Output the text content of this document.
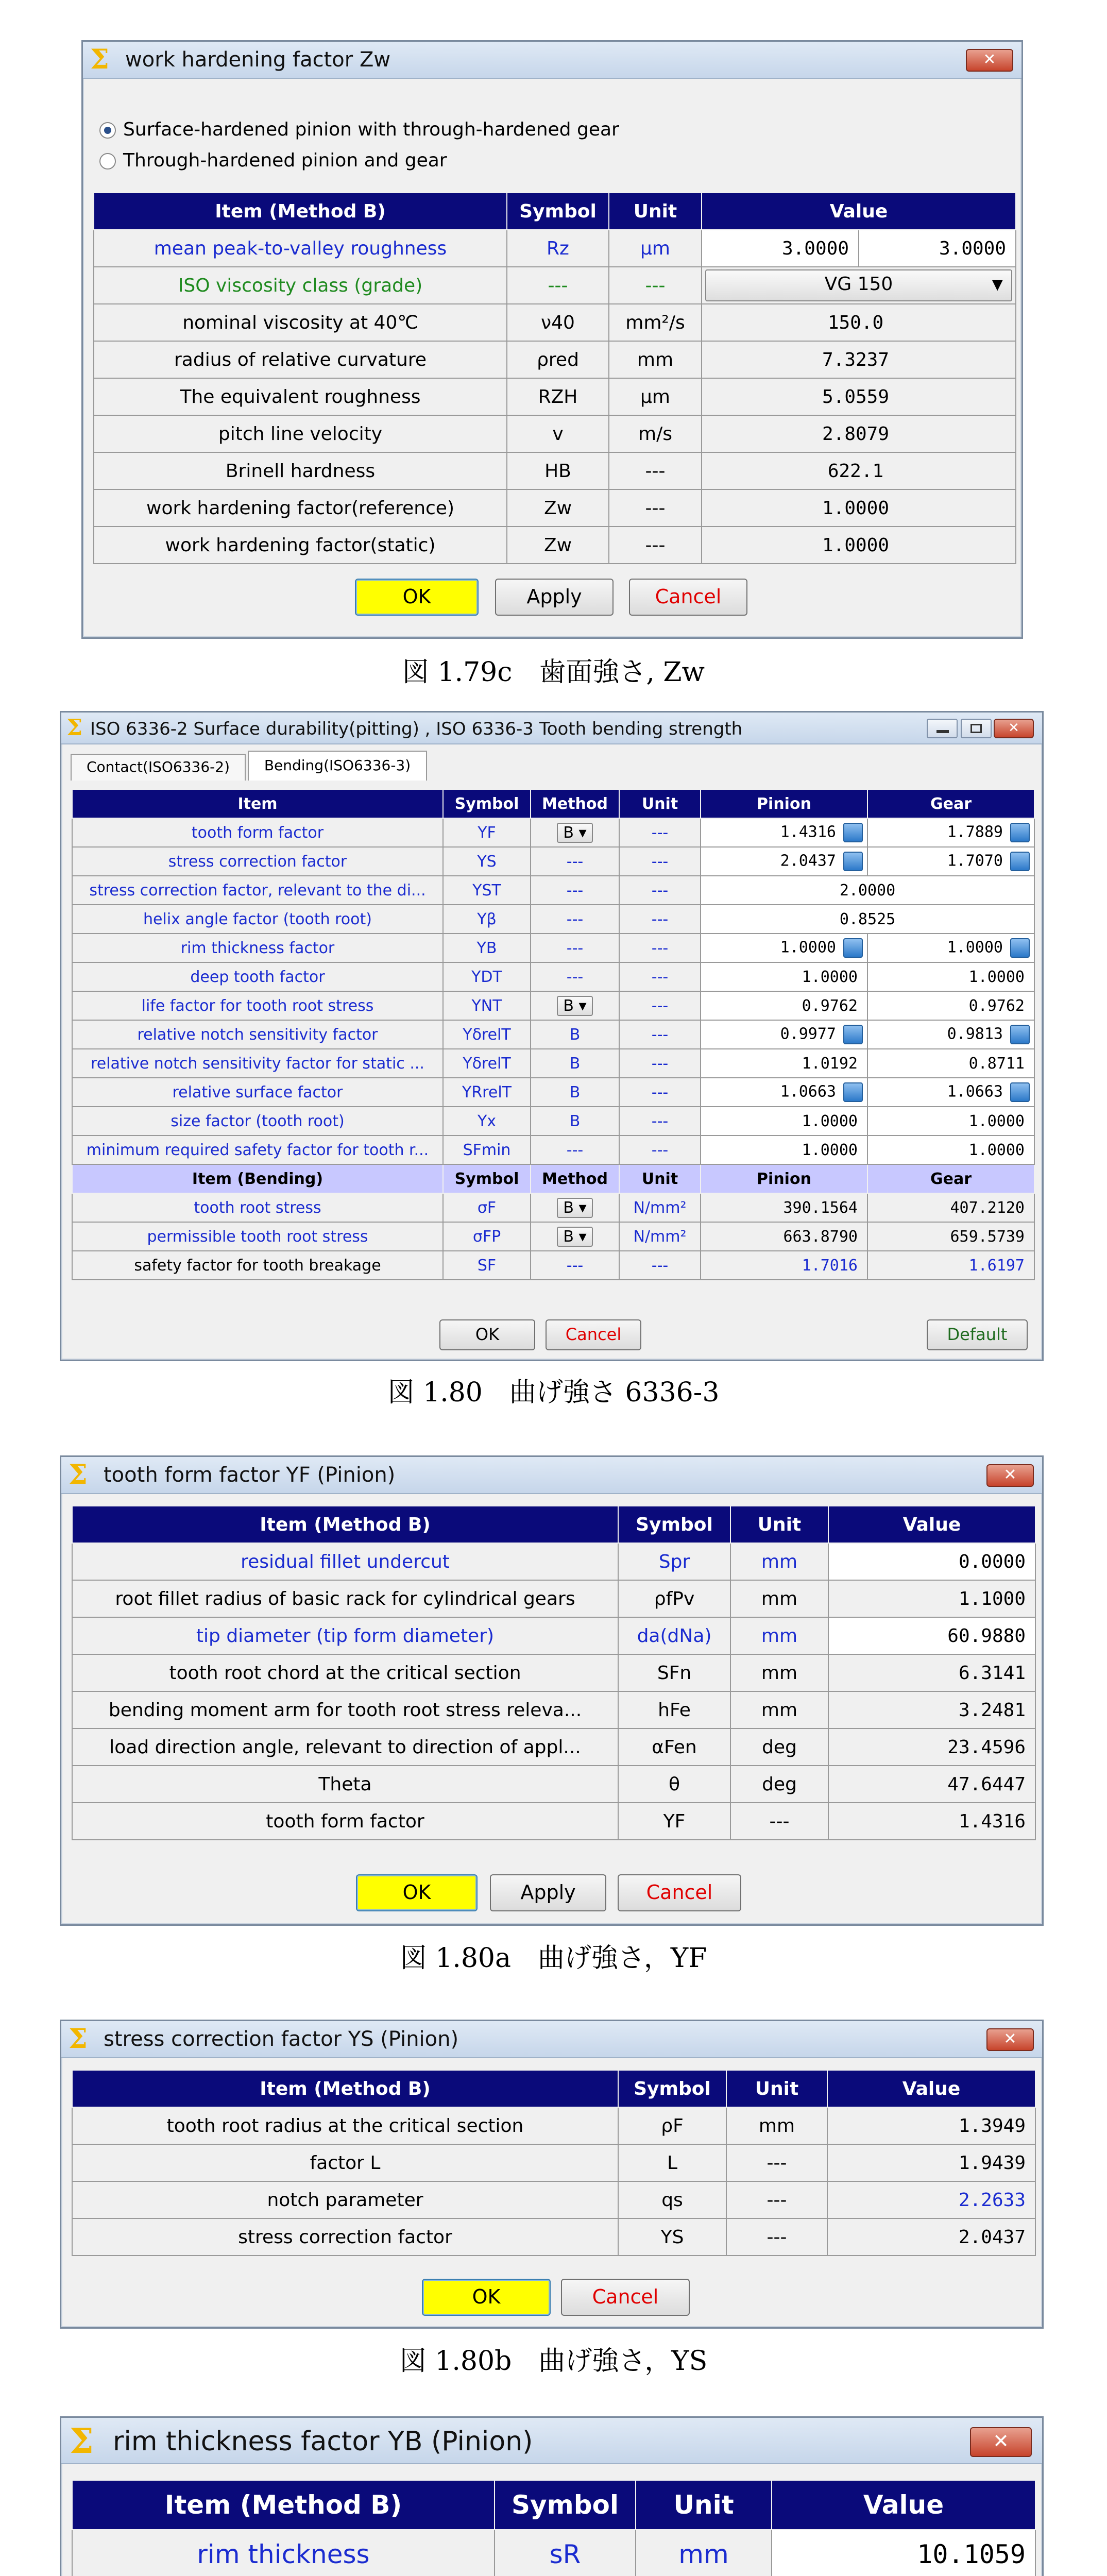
Σ work hardening factor Zw	✕
Surface-hardened pinion with through-hardened gear
Through-hardened pinion and gear
Item (Method B)	Symbol	Unit	Value	
mean peak-to-valley roughness	Rz	μm	3.0000	3.0000
ISO viscosity class (grade)	---	---	VG 150 ▼	

nominal viscosity at 40℃	ν40	mm²/s	150.0	
radius of relative curvature	ρred	mm	7.3237	
The equivalent roughness	RZH	μm	5.0559	
pitch line velocity	v	m/s	2.8079	
Brinell hardness	HB	---	622.1	
work hardening factor(reference)	Zw	---	1.0000	
work hardening factor(static)	Zw	---	1.0000	
OK	Apply	Cancel
図 1.79c　歯面強さ, Zw
Σ ISO 6336-2 Surface durability(pitting) , ISO 6336-3 Tooth bending strength	✕
Contact(ISO6336-2)	Bending(ISO6336-3)
Item	Symbol	Method	Unit	Pinion	Gear
tooth form factor	YF	B ▾	---	1.4316	1.7889
stress correction factor	YS	---	---	2.0437	1.7070
stress correction factor, relevant to the di...	YST	---	---	2.0000	
helix angle factor (tooth root)	Yβ	---	---	0.8525	
rim thickness factor	YB	---	---	1.0000	1.0000
deep tooth factor	YDT	---	---	1.0000	1.0000
life factor for tooth root stress	YNT	B ▾	---	0.9762	0.9762
relative notch sensitivity factor	YδrelT	B	---	0.9977	0.9813
relative notch sensitivity factor for static ...	YδrelT	B	---	1.0192	0.8711
relative surface factor	YRrelT	B	---	1.0663	1.0663
size factor (tooth root)	Yx	B	---	1.0000	1.0000
minimum required safety factor for tooth r...	SFmin	---	---	1.0000	1.0000
Item (Bending)	Symbol	Method	Unit	Pinion	Gear
tooth root stress	σF	B ▾	N/mm²	390.1564	407.2120
permissible tooth root stress	σFP	B ▾	N/mm²	663.8790	659.5739
safety factor for tooth breakage	SF	---	---	1.7016	1.6197
OK	Cancel	Default
図 1.80　曲げ強さ 6336-3
Σ tooth form factor YF (Pinion)	✕
Item (Method B)	Symbol	Unit	Value
residual fillet undercut	Spr	mm	0.0000
root fillet radius of basic rack for cylindrical gears	ρfPv	mm	1.1000
tip diameter (tip form diameter)	da(dNa)	mm	60.9880
tooth root chord at the critical section	SFn	mm	6.3141
bending moment arm for tooth root stress releva...	hFe	mm	3.2481
load direction angle, relevant to direction of appl...	αFen	deg	23.4596
Theta	θ	deg	47.6447
tooth form factor	YF	---	1.4316
OK	Apply	Cancel
図 1.80a　曲げ強さ，YF
Σ stress correction factor YS (Pinion)	✕
Item (Method B)	Symbol	Unit	Value
tooth root radius at the critical section	ρF	mm	1.3949
factor L	L	---	1.9439
notch parameter	qs	---	2.2633
stress correction factor	YS	---	2.0437
OK	Cancel
図 1.80b　曲げ強さ，YS
Σ rim thickness factor YB (Pinion)	✕
Item (Method B)	Symbol	Unit	Value
rim thickness	sR	mm	10.1059
